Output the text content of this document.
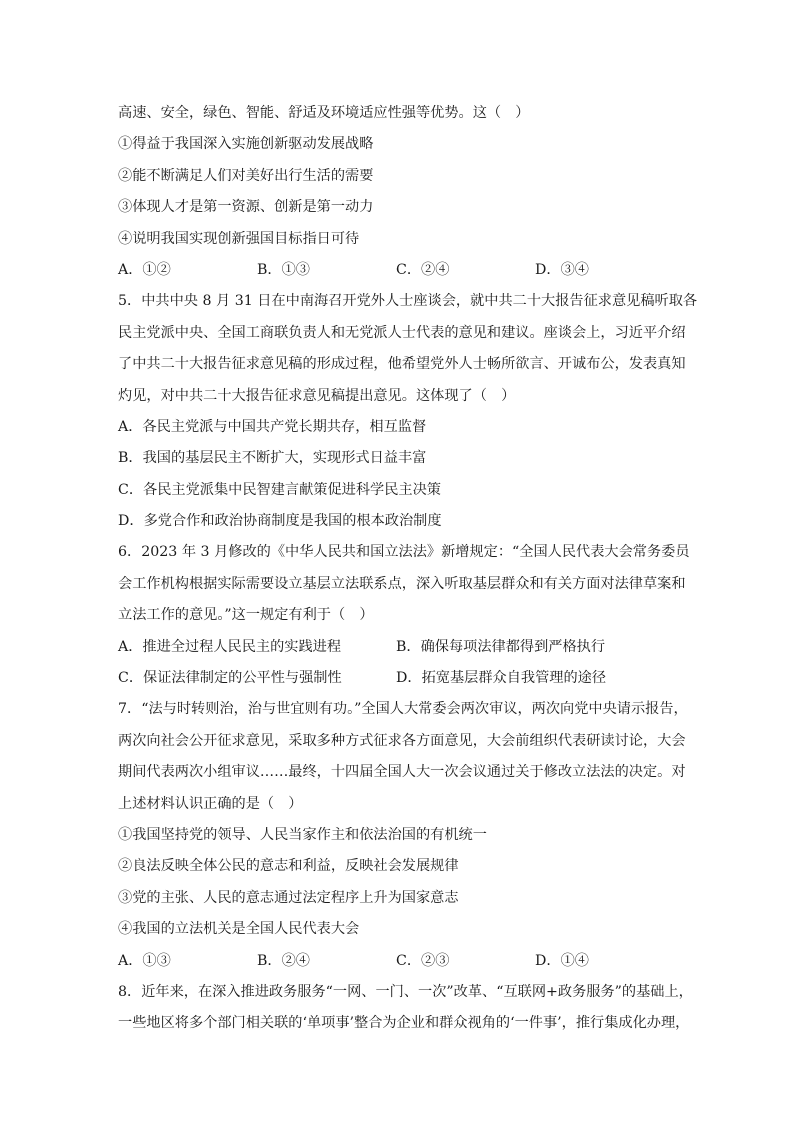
高速、安全，绿色、智能、舒适及环境适应性强等优势。这（　）
①得益于我国深入实施创新驱动发展战略
②能不断满足人们对美好出行生活的需要
③体现人才是第一资源、创新是第一动力
④说明我国实现创新强国目标指日可待
A．①②	B．①③	C．②④	D．③④
5．中共中央 8 月 31 日在中南海召开党外人士座谈会，就中共二十大报告征求意见稿听取各
民主党派中央、全国工商联负责人和无党派人士代表的意见和建议。座谈会上，习近平介绍
了中共二十大报告征求意见稿的形成过程，他希望党外人士畅所欲言、开诚布公，发表真知
灼见，对中共二十大报告征求意见稿提出意见。这体现了（　）
A．各民主党派与中国共产党长期共存，相互监督
B．我国的基层民主不断扩大，实现形式日益丰富
C．各民主党派集中民智建言献策促进科学民主决策
D．多党合作和政治协商制度是我国的根本政治制度
6．2023 年 3 月修改的《中华人民共和国立法法》新增规定：“全国人民代表大会常务委员
会工作机构根据实际需要设立基层立法联系点，深入听取基层群众和有关方面对法律草案和
立法工作的意见。”这一规定有利于（　）
A．推进全过程人民民主的实践进程	B．确保每项法律都得到严格执行
C．保证法律制定的公平性与强制性	D．拓宽基层群众自我管理的途径
7．“法与时转则治，治与世宜则有功。”全国人大常委会两次审议，两次向党中央请示报告，
两次向社会公开征求意见，采取多种方式征求各方面意见，大会前组织代表研读讨论，大会
期间代表两次小组审议……最终，十四届全国人大一次会议通过关于修改立法法的决定。对
上述材料认识正确的是（　）
①我国坚持党的领导、人民当家作主和依法治国的有机统一
②良法反映全体公民的意志和利益，反映社会发展规律
③党的主张、人民的意志通过法定程序上升为国家意志
④我国的立法机关是全国人民代表大会
A．①③	B．②④	C．②③	D．①④
8．近年来，在深入推进政务服务“一网、一门、一次”改革、“互联网+政务服务”的基础上，
一些地区将多个部门相关联的‘单项事’整合为企业和群众视角的‘一件事’，推行集成化办理，
